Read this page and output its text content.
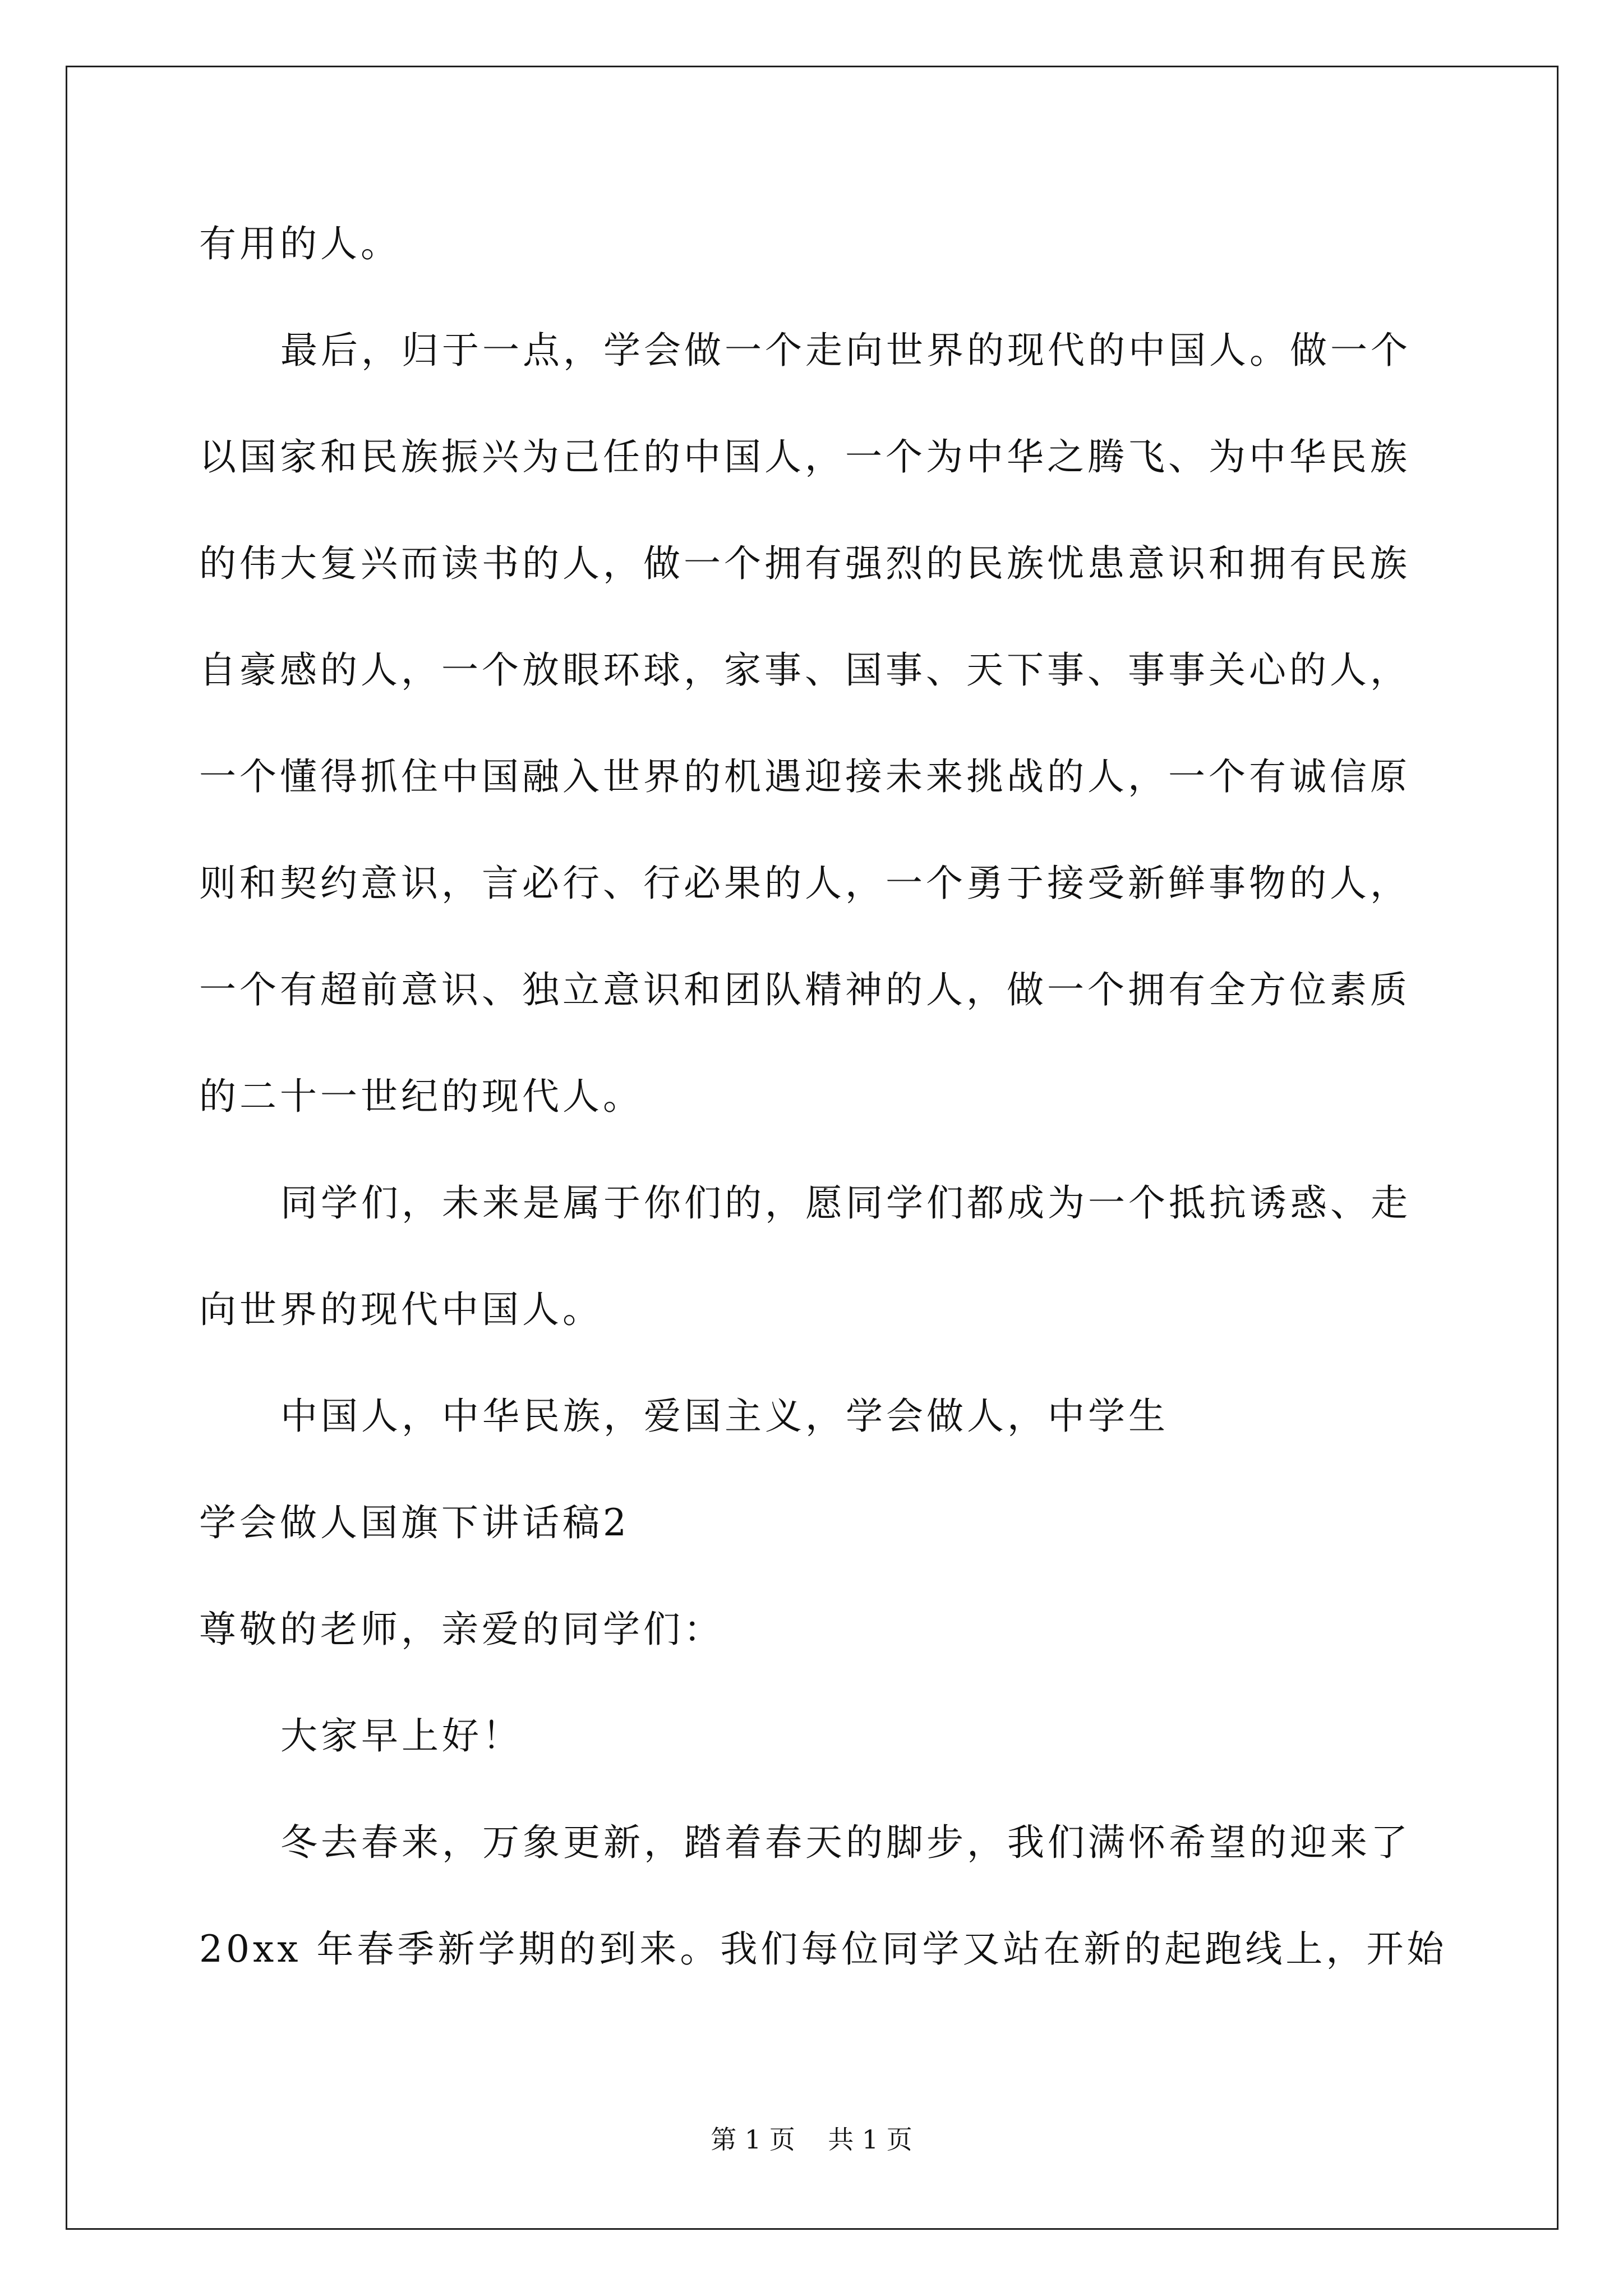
有用的人。
最后，归于一点，学会做一个走向世界的现代的中国人。做一个
以国家和民族振兴为己任的中国人，一个为中华之腾飞、为中华民族
的伟大复兴而读书的人，做一个拥有强烈的民族忧患意识和拥有民族
自豪感的人，一个放眼环球，家事、国事、天下事、事事关心的人，
一个懂得抓住中国融入世界的机遇迎接未来挑战的人，一个有诚信原
则和契约意识，言必行、行必果的人，一个勇于接受新鲜事物的人，
一个有超前意识、独立意识和团队精神的人，做一个拥有全方位素质
的二十一世纪的现代人。
同学们，未来是属于你们的，愿同学们都成为一个抵抗诱惑、走
向世界的现代中国人。
中国人，中华民族，爱国主义，学会做人，中学生
学会做人国旗下讲话稿2
尊敬的老师，亲爱的同学们：
大家早上好！
冬去春来，万象更新，踏着春天的脚步，我们满怀希望的迎来了
20xx 年春季新学期的到来。我们每位同学又站在新的起跑线上，开始
第 1 页    共 1 页
